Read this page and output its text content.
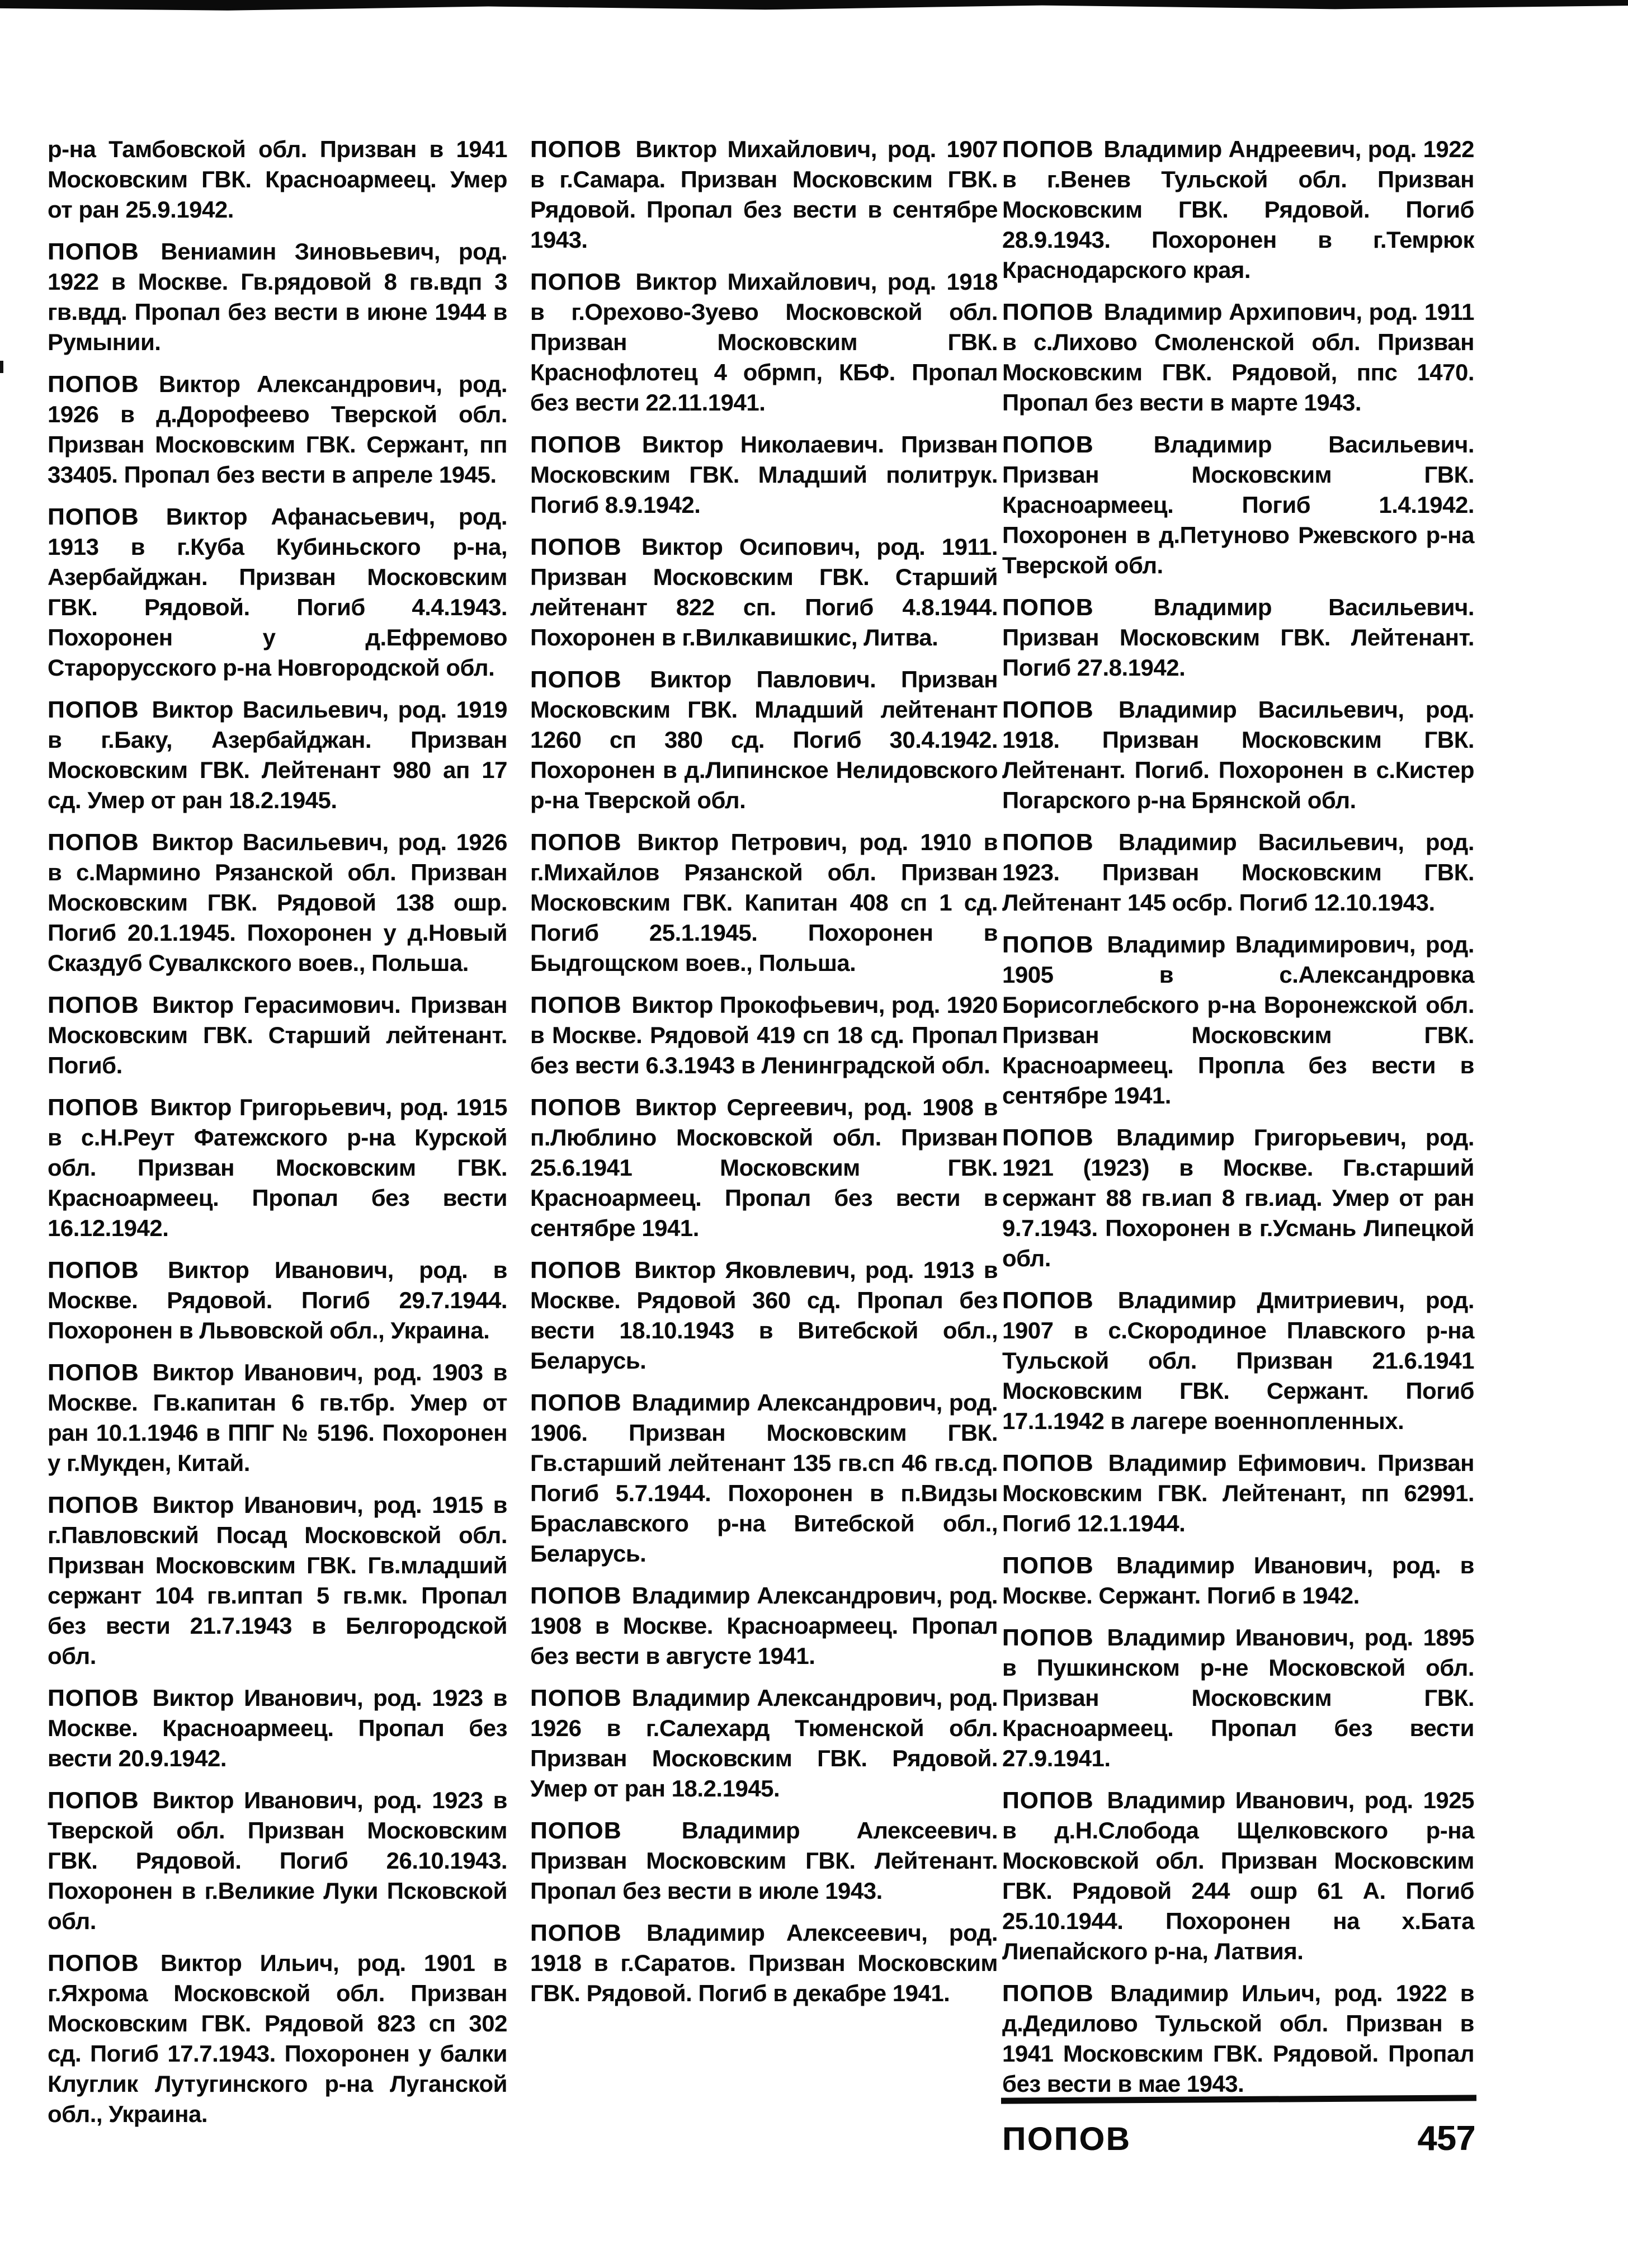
р-на Тамбовской обл. Призван в 1941 Московским ГВК. Красноармеец. Умер от ран 25.9.1942.

ПОПОВ Вениамин Зиновьевич, род. 1922 в Москве. Гв.рядовой 8 гв.вдп 3 гв.вдд. Пропал без вести в июне 1944 в Румынии.

ПОПОВ Виктор Александрович, род. 1926 в д.Дорофеево Тверской обл. Призван Московским ГВК. Сержант, пп 33405. Пропал без вести в апреле 1945.

ПОПОВ Виктор Афанасьевич, род. 1913 в г.Куба Кубиньского р-на, Азербайджан. Призван Московским ГВК. Рядовой. Погиб 4.4.1943. Похоронен у д.Ефремово Старорусского р-на Новгородской обл.

ПОПОВ Виктор Васильевич, род. 1919 в г.Баку, Азербайджан. Призван Московским ГВК. Лейтенант 980 ап 17 сд. Умер от ран 18.2.1945.

ПОПОВ Виктор Васильевич, род. 1926 в с.Мармино Рязанской обл. Призван Московским ГВК. Рядовой 138 ошр. Погиб 20.1.1945. Похоронен у д.Новый Сказдуб Сувалкского воев., Польша.

ПОПОВ Виктор Герасимович. Призван Московским ГВК. Старший лейтенант. Погиб.

ПОПОВ Виктор Григорьевич, род. 1915 в с.Н.Реут Фатежского р-на Курской обл. Призван Московским ГВК. Красноармеец. Пропал без вести 16.12.1942.

ПОПОВ Виктор Иванович, род. в Москве. Рядовой. Погиб 29.7.1944. Похоронен в Львовской обл., Украина.

ПОПОВ Виктор Иванович, род. 1903 в Москве. Гв.капитан 6 гв.тбр. Умер от ран 10.1.1946 в ППГ № 5196. Похоронен у г.Мукден, Китай.

ПОПОВ Виктор Иванович, род. 1915 в г.Павловский Посад Московской обл. Призван Московским ГВК. Гв.младший сержант 104 гв.иптап 5 гв.мк. Пропал без вести 21.7.1943 в Белгородской обл.

ПОПОВ Виктор Иванович, род. 1923 в Москве. Красноармеец. Пропал без вести 20.9.1942.

ПОПОВ Виктор Иванович, род. 1923 в Тверской обл. Призван Московским ГВК. Рядовой. Погиб 26.10.1943. Похоронен в г.Великие Луки Псковской обл.

ПОПОВ Виктор Ильич, род. 1901 в г.Яхрома Московской обл. Призван Московским ГВК. Рядовой 823 сп 302 сд. Погиб 17.7.1943. Похоронен у балки Клуглик Лутугинского р-на Луганской обл., Украина.

ПОПОВ Виктор Михайлович, род. 1907 в г.Самара. Призван Московским ГВК. Рядовой. Пропал без вести в сентябре 1943.

ПОПОВ Виктор Михайлович, род. 1918 в г.Орехово-Зуево Московской обл. Призван Московским ГВК. Краснофлотец 4 обрмп, КБФ. Пропал без вести 22.11.1941.

ПОПОВ Виктор Николаевич. Призван Московским ГВК. Младший политрук. Погиб 8.9.1942.

ПОПОВ Виктор Осипович, род. 1911. Призван Московским ГВК. Старший лейтенант 822 сп. Погиб 4.8.1944. Похоронен в г.Вилкавишкис, Литва.

ПОПОВ Виктор Павлович. Призван Московским ГВК. Младший лейтенант 1260 сп 380 сд. Погиб 30.4.1942. Похоронен в д.Липинское Нелидовского р-на Тверской обл.

ПОПОВ Виктор Петрович, род. 1910 в г.Михайлов Рязанской обл. Призван Московским ГВК. Капитан 408 сп 1 сд. Погиб 25.1.1945. Похоронен в Быдгощском воев., Польша.

ПОПОВ Виктор Прокофьевич, род. 1920 в Москве. Рядовой 419 сп 18 сд. Пропал без вести 6.3.1943 в Ленинградской обл.

ПОПОВ Виктор Сергеевич, род. 1908 в п.Люблино Московской обл. Призван 25.6.1941 Московским ГВК. Красноармеец. Пропал без вести в сентябре 1941.

ПОПОВ Виктор Яковлевич, род. 1913 в Москве. Рядовой 360 сд. Пропал без вести 18.10.1943 в Витебской обл., Беларусь.

ПОПОВ Владимир Александрович, род. 1906. Призван Московским ГВК. Гв.старший лейтенант 135 гв.сп 46 гв.сд. Погиб 5.7.1944. Похоронен в п.Видзы Браславского р-на Витебской обл., Беларусь.

ПОПОВ Владимир Александрович, род. 1908 в Москве. Красноармеец. Пропал без вести в августе 1941.

ПОПОВ Владимир Александрович, род. 1926 в г.Салехард Тюменской обл. Призван Московским ГВК. Рядовой. Умер от ран 18.2.1945.

ПОПОВ	Владимир Алексеевич. Призван Московским ГВК. Лейтенант. Пропал без вести в июле 1943.

ПОПОВ Владимир Алексеевич, род. 1918 в г.Саратов. Призван Московским ГВК. Рядовой. Погиб в декабре 1941.

ПОПОВ Владимир Андреевич, род. 1922 в г.Венев Тульской обл. Призван Московским ГВК. Рядовой. Погиб 28.9.1943. Похоронен в г.Темрюк Краснодарского края.

ПОПОВ Владимир Архипович, род. 1911 в с.Лихово Смоленской обл. Призван Московским ГВК. Рядовой, ппс 1470. Пропал без вести в марте 1943.

ПОПОВ	Владимир Васильевич. Призван Московским ГВК. Красноармеец. Погиб 1.4.1942. Похоронен в д.Петуново Ржевского р-на Тверской обл.

ПОПОВ	Владимир Васильевич. Призван Московским ГВК. Лейтенант. Погиб 27.8.1942.

ПОПОВ Владимир Васильевич, род. 1918. Призван Московским ГВК. Лейтенант. Погиб. Похоронен в с.Кистер Погарского р-на Брянской обл.

ПОПОВ Владимир Васильевич, род. 1923. Призван Московским ГВК. Лейтенант 145 осбр. Погиб 12.10.1943.

ПОПОВ Владимир Владимирович, род. 1905 в с.Александровка Борисоглебского р-на Воронежской обл. Призван Московским ГВК. Красноармеец. Пропла без вести в сентябре 1941.

ПОПОВ Владимир Григорьевич, род. 1921 (1923) в Москве. Гв.старший сержант 88 гв.иап 8 гв.иад. Умер от ран 9.7.1943. Похоронен в г.Усмань Липецкой обл.

ПОПОВ Владимир Дмитриевич, род. 1907 в с.Скородиное Плавского р-на Тульской обл. Призван 21.6.1941 Московским ГВК. Сержант. Погиб 17.1.1942 в лагере военнопленных.

ПОПОВ Владимир Ефимович. Призван Московским ГВК. Лейтенант, пп 62991. Погиб 12.1.1944.

ПОПОВ Владимир Иванович, род. в Москве. Сержант. Погиб в 1942.

ПОПОВ Владимир Иванович, род. 1895 в Пушкинском р-не Московской обл. Призван Московским ГВК. Красноармеец. Пропал без вести 27.9.1941.

ПОПОВ Владимир Иванович, род. 1925 в д.Н.Слобода Щелковского р-на Московской обл. Призван Московским ГВК. Рядовой 244 ошр 61 А. Погиб 25.10.1944. Похоронен на х.Бата Лиепайского р-на, Латвия.

ПОПОВ Владимир Ильич, род. 1922 в д.Дедилово Тульской обл. Призван в 1941 Московским ГВК. Рядовой. Пропал без вести в мае 1943.

ПОПОВ	457
